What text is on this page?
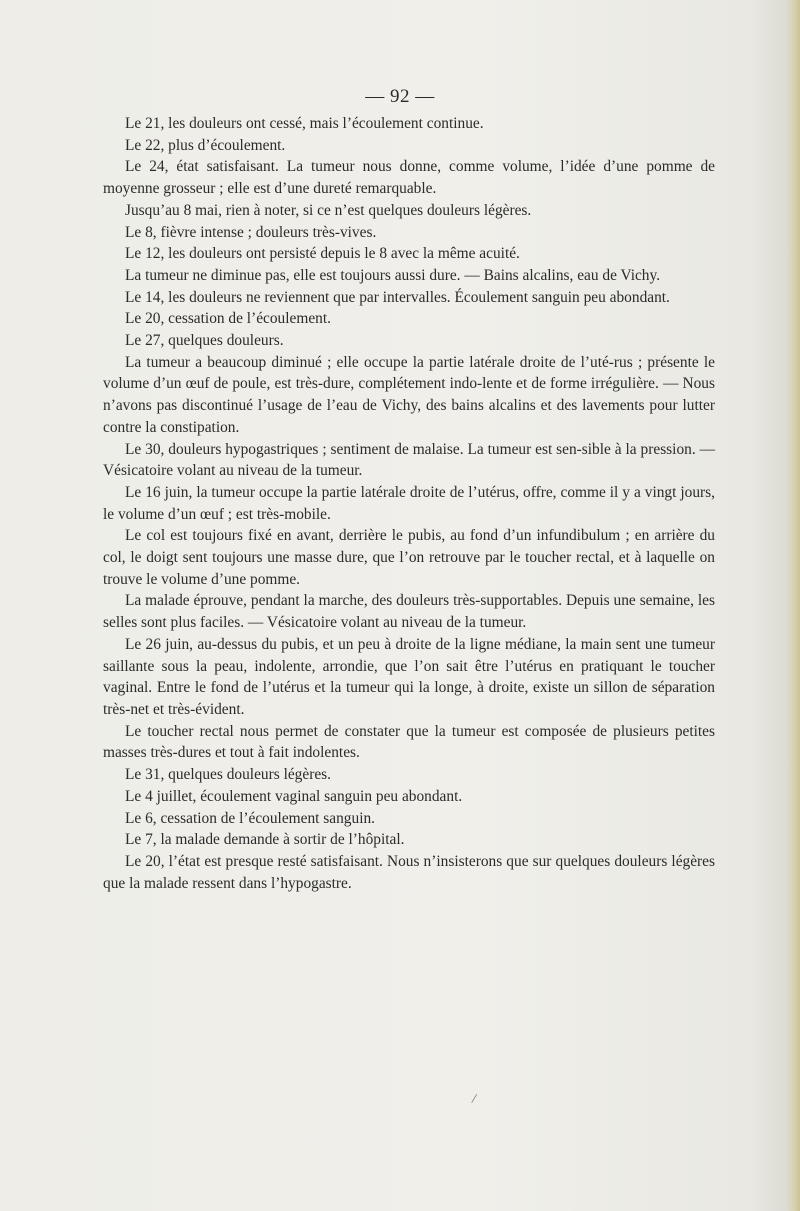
— 92 —

Le 21, les douleurs ont cessé, mais l’écoulement continue.

Le 22, plus d’écoulement.

Le 24, état satisfaisant. La tumeur nous donne, comme volume, l’idée d’une pomme de moyenne grosseur ; elle est d’une dureté remarquable.

Jusqu’au 8 mai, rien à noter, si ce n’est quelques douleurs légères.

Le 8, fièvre intense ; douleurs très-vives.

Le 12, les douleurs ont persisté depuis le 8 avec la même acuité.

La tumeur ne diminue pas, elle est toujours aussi dure. — Bains alcalins, eau de Vichy.

Le 14, les douleurs ne reviennent que par intervalles. Écoulement sanguin peu abondant.

Le 20, cessation de l’écoulement.

Le 27, quelques douleurs.

La tumeur a beaucoup diminué ; elle occupe la partie latérale droite de l’uté-rus ; présente le volume d’un œuf de poule, est très-dure, complétement indo-lente et de forme irrégulière. — Nous n’avons pas discontinué l’usage de l’eau de Vichy, des bains alcalins et des lavements pour lutter contre la constipation.

Le 30, douleurs hypogastriques ; sentiment de malaise. La tumeur est sen-sible à la pression. — Vésicatoire volant au niveau de la tumeur.

Le 16 juin, la tumeur occupe la partie latérale droite de l’utérus, offre, comme il y a vingt jours, le volume d’un œuf ; est très-mobile.

Le col est toujours fixé en avant, derrière le pubis, au fond d’un infundibulum ; en arrière du col, le doigt sent toujours une masse dure, que l’on retrouve par le toucher rectal, et à laquelle on trouve le volume d’une pomme.

La malade éprouve, pendant la marche, des douleurs très-supportables. Depuis une semaine, les selles sont plus faciles. — Vésicatoire volant au niveau de la tumeur.

Le 26 juin, au-dessus du pubis, et un peu à droite de la ligne médiane, la main sent une tumeur saillante sous la peau, indolente, arrondie, que l’on sait être l’utérus en pratiquant le toucher vaginal. Entre le fond de l’utérus et la tumeur qui la longe, à droite, existe un sillon de séparation très-net et très-évident.

Le toucher rectal nous permet de constater que la tumeur est composée de plusieurs petites masses très-dures et tout à fait indolentes.

Le 31, quelques douleurs légères.

Le 4 juillet, écoulement vaginal sanguin peu abondant.

Le 6, cessation de l’écoulement sanguin.

Le 7, la malade demande à sortir de l’hôpital.

Le 20, l’état est presque resté satisfaisant. Nous n’insisterons que sur quelques douleurs légères que la malade ressent dans l’hypogastre.

/
